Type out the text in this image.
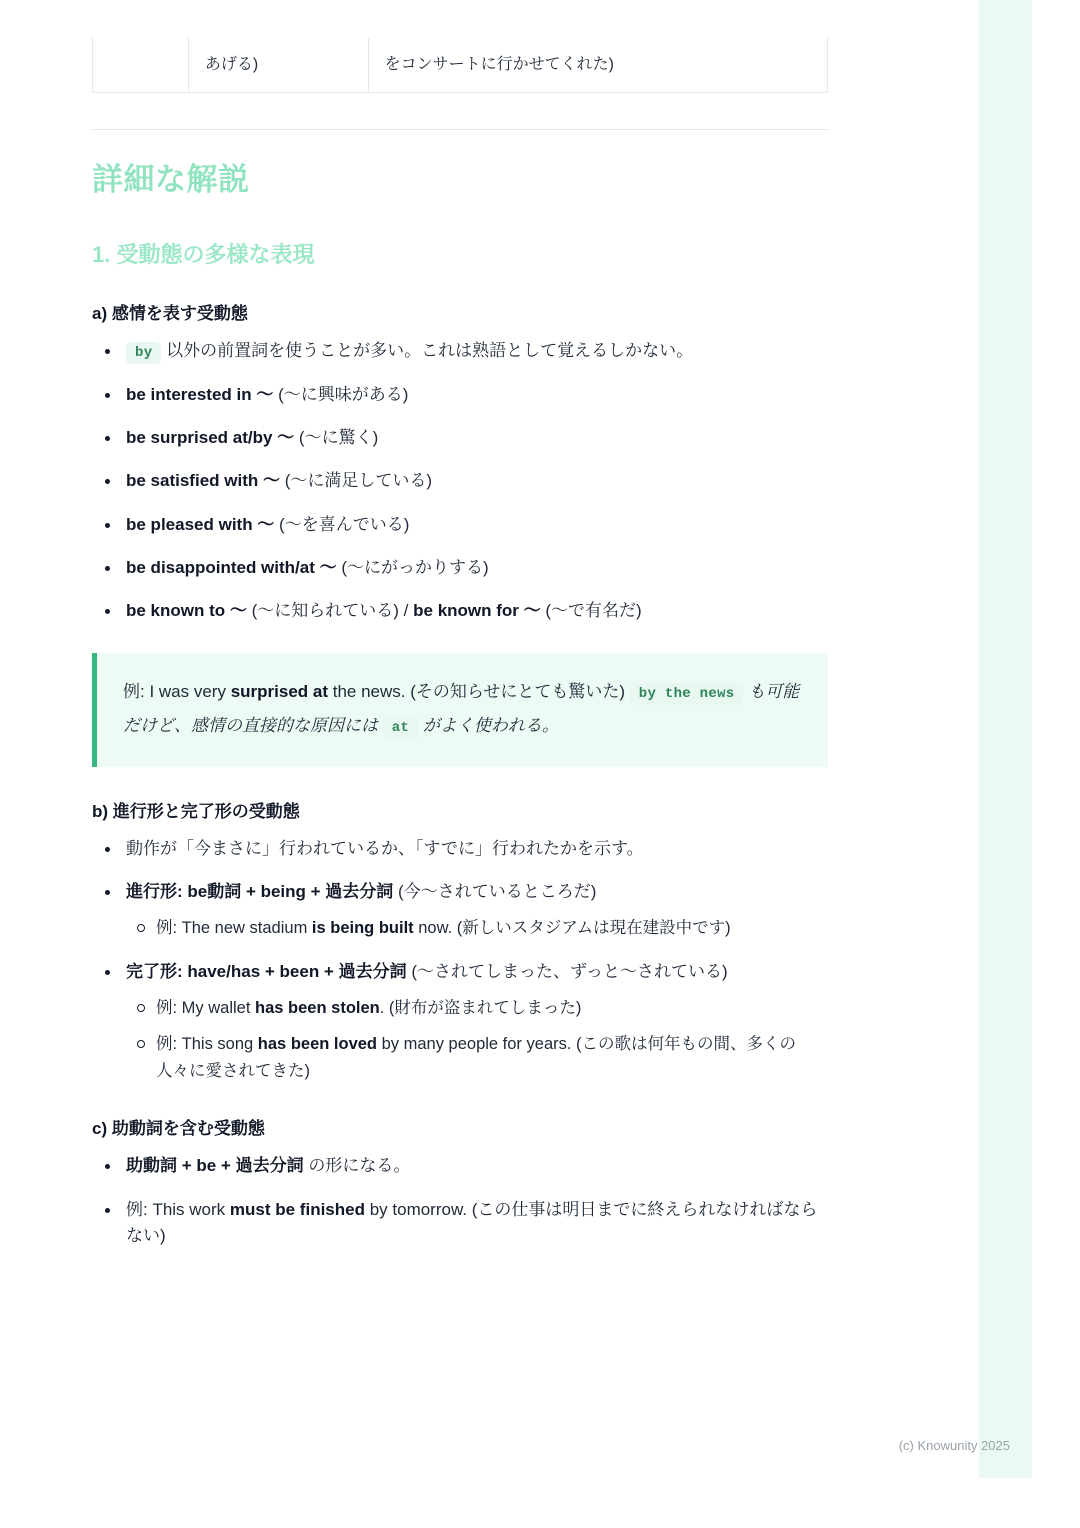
	あげる)	をコンサートに行かせてくれた)
詳細な解説
1. 受動態の多様な表現
a) 感情を表す受動態
by 以外の前置詞を使うことが多い。これは熟語として覚えるしかない。
be interested in 〜 (〜に興味がある)
be surprised at/by 〜 (〜に驚く)
be satisfied with 〜 (〜に満足している)
be pleased with 〜 (〜を喜んでいる)
be disappointed with/at 〜 (〜にがっかりする)
be known to 〜 (〜に知られている) / be known for 〜 (〜で有名だ)
例: I was very surprised at the news. (その知らせにとても驚いた) by the news も可能だけど、感情の直接的な原因には at がよく使われる。
b) 進行形と完了形の受動態
動作が「今まさに」行われているか、「すでに」行われたかを示す。
進行形: be動詞 + being + 過去分詞 (今〜されているところだ)
例: The new stadium is being built now. (新しいスタジアムは現在建設中です)
完了形: have/has + been + 過去分詞 (〜されてしまった、ずっと〜されている)
例: My wallet has been stolen. (財布が盗まれてしまった)
例: This song has been loved by many people for years. (この歌は何年もの間、多くの人々に愛されてきた)
c) 助動詞を含む受動態
助動詞 + be + 過去分詞 の形になる。
例: This work must be finished by tomorrow. (この仕事は明日までに終えられなければならない)
(c) Knowunity 2025
